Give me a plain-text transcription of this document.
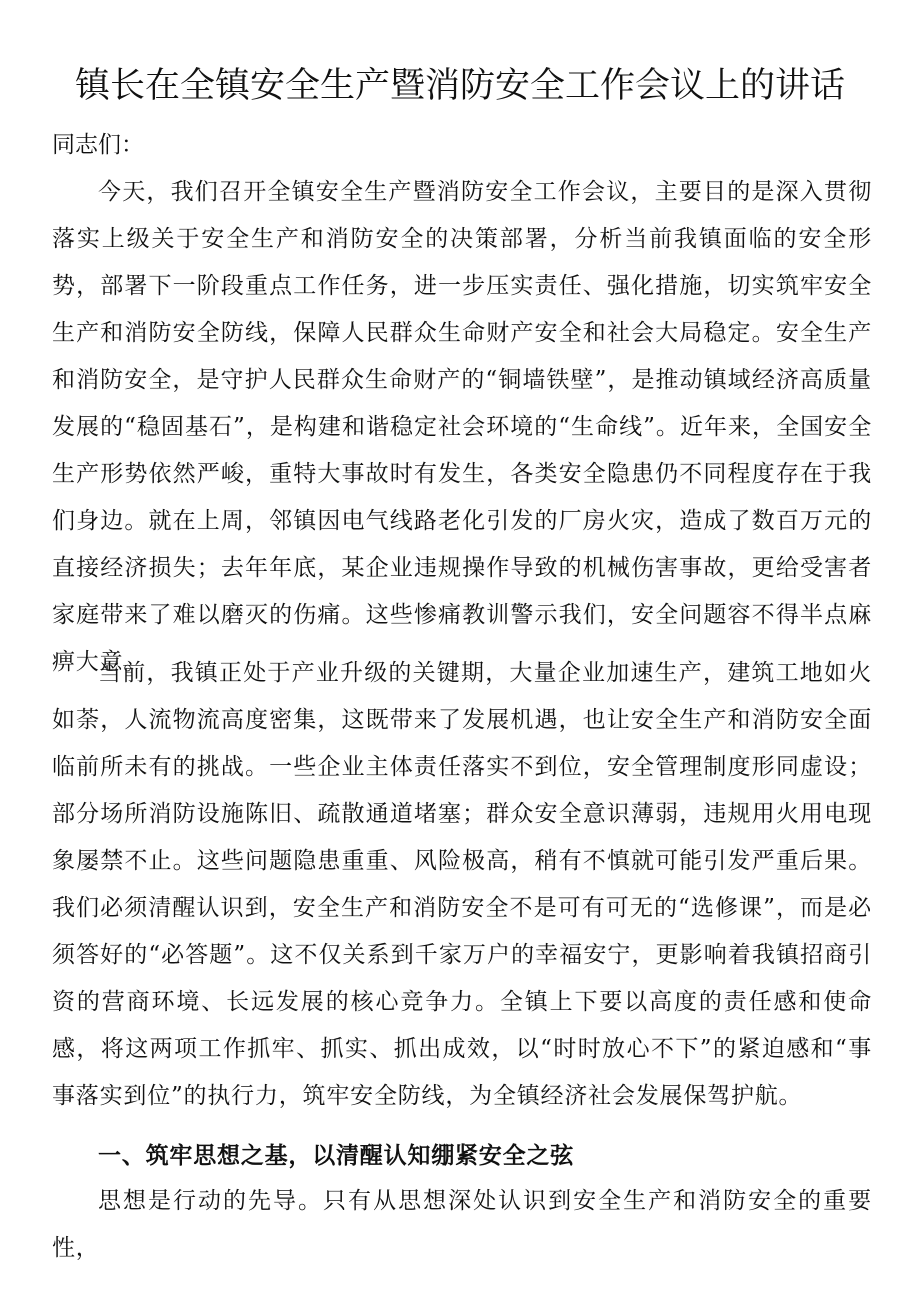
镇长在全镇安全生产暨消防安全工作会议上的讲话
同志们：

今天，我们召开全镇安全生产暨消防安全工作会议，主要目的是深入贯彻落实上级关于安全生产和消防安全的决策部署，分析当前我镇面临的安全形势，部署下一阶段重点工作任务，进一步压实责任、强化措施，切实筑牢安全生产和消防安全防线，保障人民群众生命财产安全和社会大局稳定。安全生产和消防安全，是守护人民群众生命财产的“铜墙铁壁”，是推动镇域经济高质量发展的“稳固基石”，是构建和谐稳定社会环境的“生命线”。近年来，全国安全生产形势依然严峻，重特大事故时有发生，各类安全隐患仍不同程度存在于我们身边。就在上周，邻镇因电气线路老化引发的厂房火灾，造成了数百万元的直接经济损失；去年年底，某企业违规操作导致的机械伤害事故，更给受害者家庭带来了难以磨灭的伤痛。这些惨痛教训警示我们，安全问题容不得半点麻痹大意。

当前，我镇正处于产业升级的关键期，大量企业加速生产，建筑工地如火如荼，人流物流高度密集，这既带来了发展机遇，也让安全生产和消防安全面临前所未有的挑战。一些企业主体责任落实不到位，安全管理制度形同虚设；部分场所消防设施陈旧、疏散通道堵塞；群众安全意识薄弱，违规用火用电现象屡禁不止。这些问题隐患重重、风险极高，稍有不慎就可能引发严重后果。我们必须清醒认识到，安全生产和消防安全不是可有可无的“选修课”，而是必须答好的“必答题”。这不仅关系到千家万户的幸福安宁，更影响着我镇招商引资的营商环境、长远发展的核心竞争力。全镇上下要以高度的责任感和使命感，将这两项工作抓牢、抓实、抓出成效，以“时时放心不下”的紧迫感和“事事落实到位”的执行力，筑牢安全防线，为全镇经济社会发展保驾护航。

一、筑牢思想之基，以清醒认知绷紧安全之弦

思想是行动的先导。只有从思想深处认识到安全生产和消防安全的重要性，
